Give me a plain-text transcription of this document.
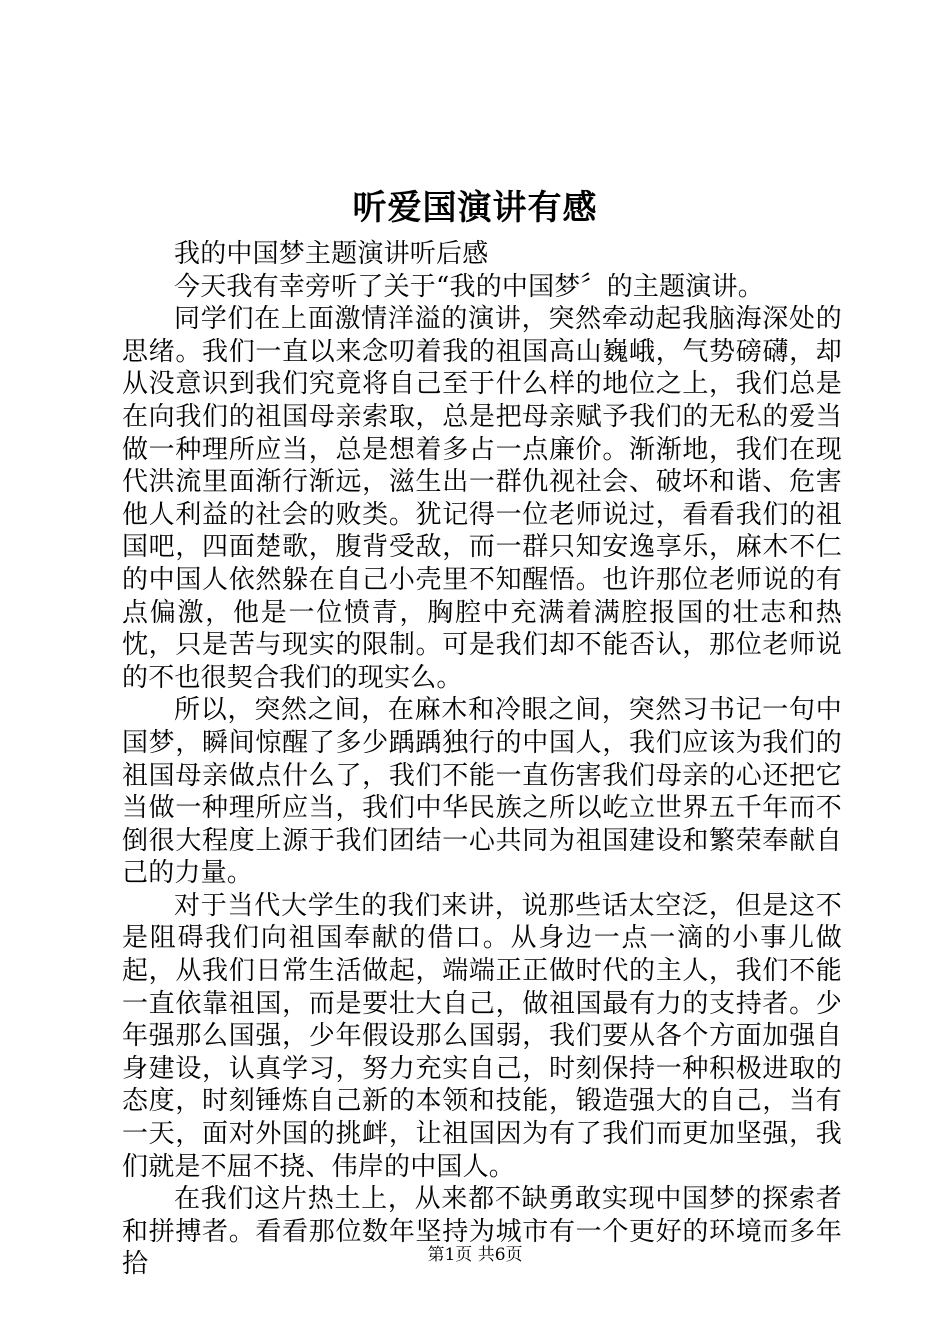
听爱国演讲有感

我的中国梦主题演讲听后感

今天我有幸旁听了关于“我的中国梦〞的主题演讲。

同学们在上面激情洋溢的演讲，突然牵动起我脑海深处的思绪。我们一直以来念叨着我的祖国高山巍峨，气势磅礴，却从没意识到我们究竟将自己至于什么样的地位之上，我们总是在向我们的祖国母亲索取，总是把母亲赋予我们的无私的爱当做一种理所应当，总是想着多占一点廉价。渐渐地，我们在现代洪流里面渐行渐远，滋生出一群仇视社会、破坏和谐、危害他人利益的社会的败类。犹记得一位老师说过，看看我们的祖国吧，四面楚歌，腹背受敌，而一群只知安逸享乐，麻木不仁的中国人依然躲在自己小壳里不知醒悟。也许那位老师说的有点偏激，他是一位愤青，胸腔中充满着满腔报国的壮志和热忱，只是苦与现实的限制。可是我们却不能否认，那位老师说的不也很契合我们的现实么。

所以，突然之间，在麻木和冷眼之间，突然习书记一句中国梦，瞬间惊醒了多少踽踽独行的中国人，我们应该为我们的祖国母亲做点什么了，我们不能一直伤害我们母亲的心还把它当做一种理所应当，我们中华民族之所以屹立世界五千年而不倒很大程度上源于我们团结一心共同为祖国建设和繁荣奉献自己的力量。

对于当代大学生的我们来讲，说那些话太空泛，但是这不是阻碍我们向祖国奉献的借口。从身边一点一滴的小事儿做起，从我们日常生活做起，端端正正做时代的主人，我们不能一直依靠祖国，而是要壮大自己，做祖国最有力的支持者。少年强那么国强，少年假设那么国弱，我们要从各个方面加强自身建设，认真学习，努力充实自己，时刻保持一种积极进取的态度，时刻锤炼自己新的本领和技能，锻造强大的自己，当有一天，面对外国的挑衅，让祖国因为有了我们而更加坚强，我们就是不屈不挠、伟岸的中国人。

在我们这片热土上，从来都不缺勇敢实现中国梦的探索者和拼搏者。看看那位数年坚持为城市有一个更好的环境而多年拾	第1页 共6页
